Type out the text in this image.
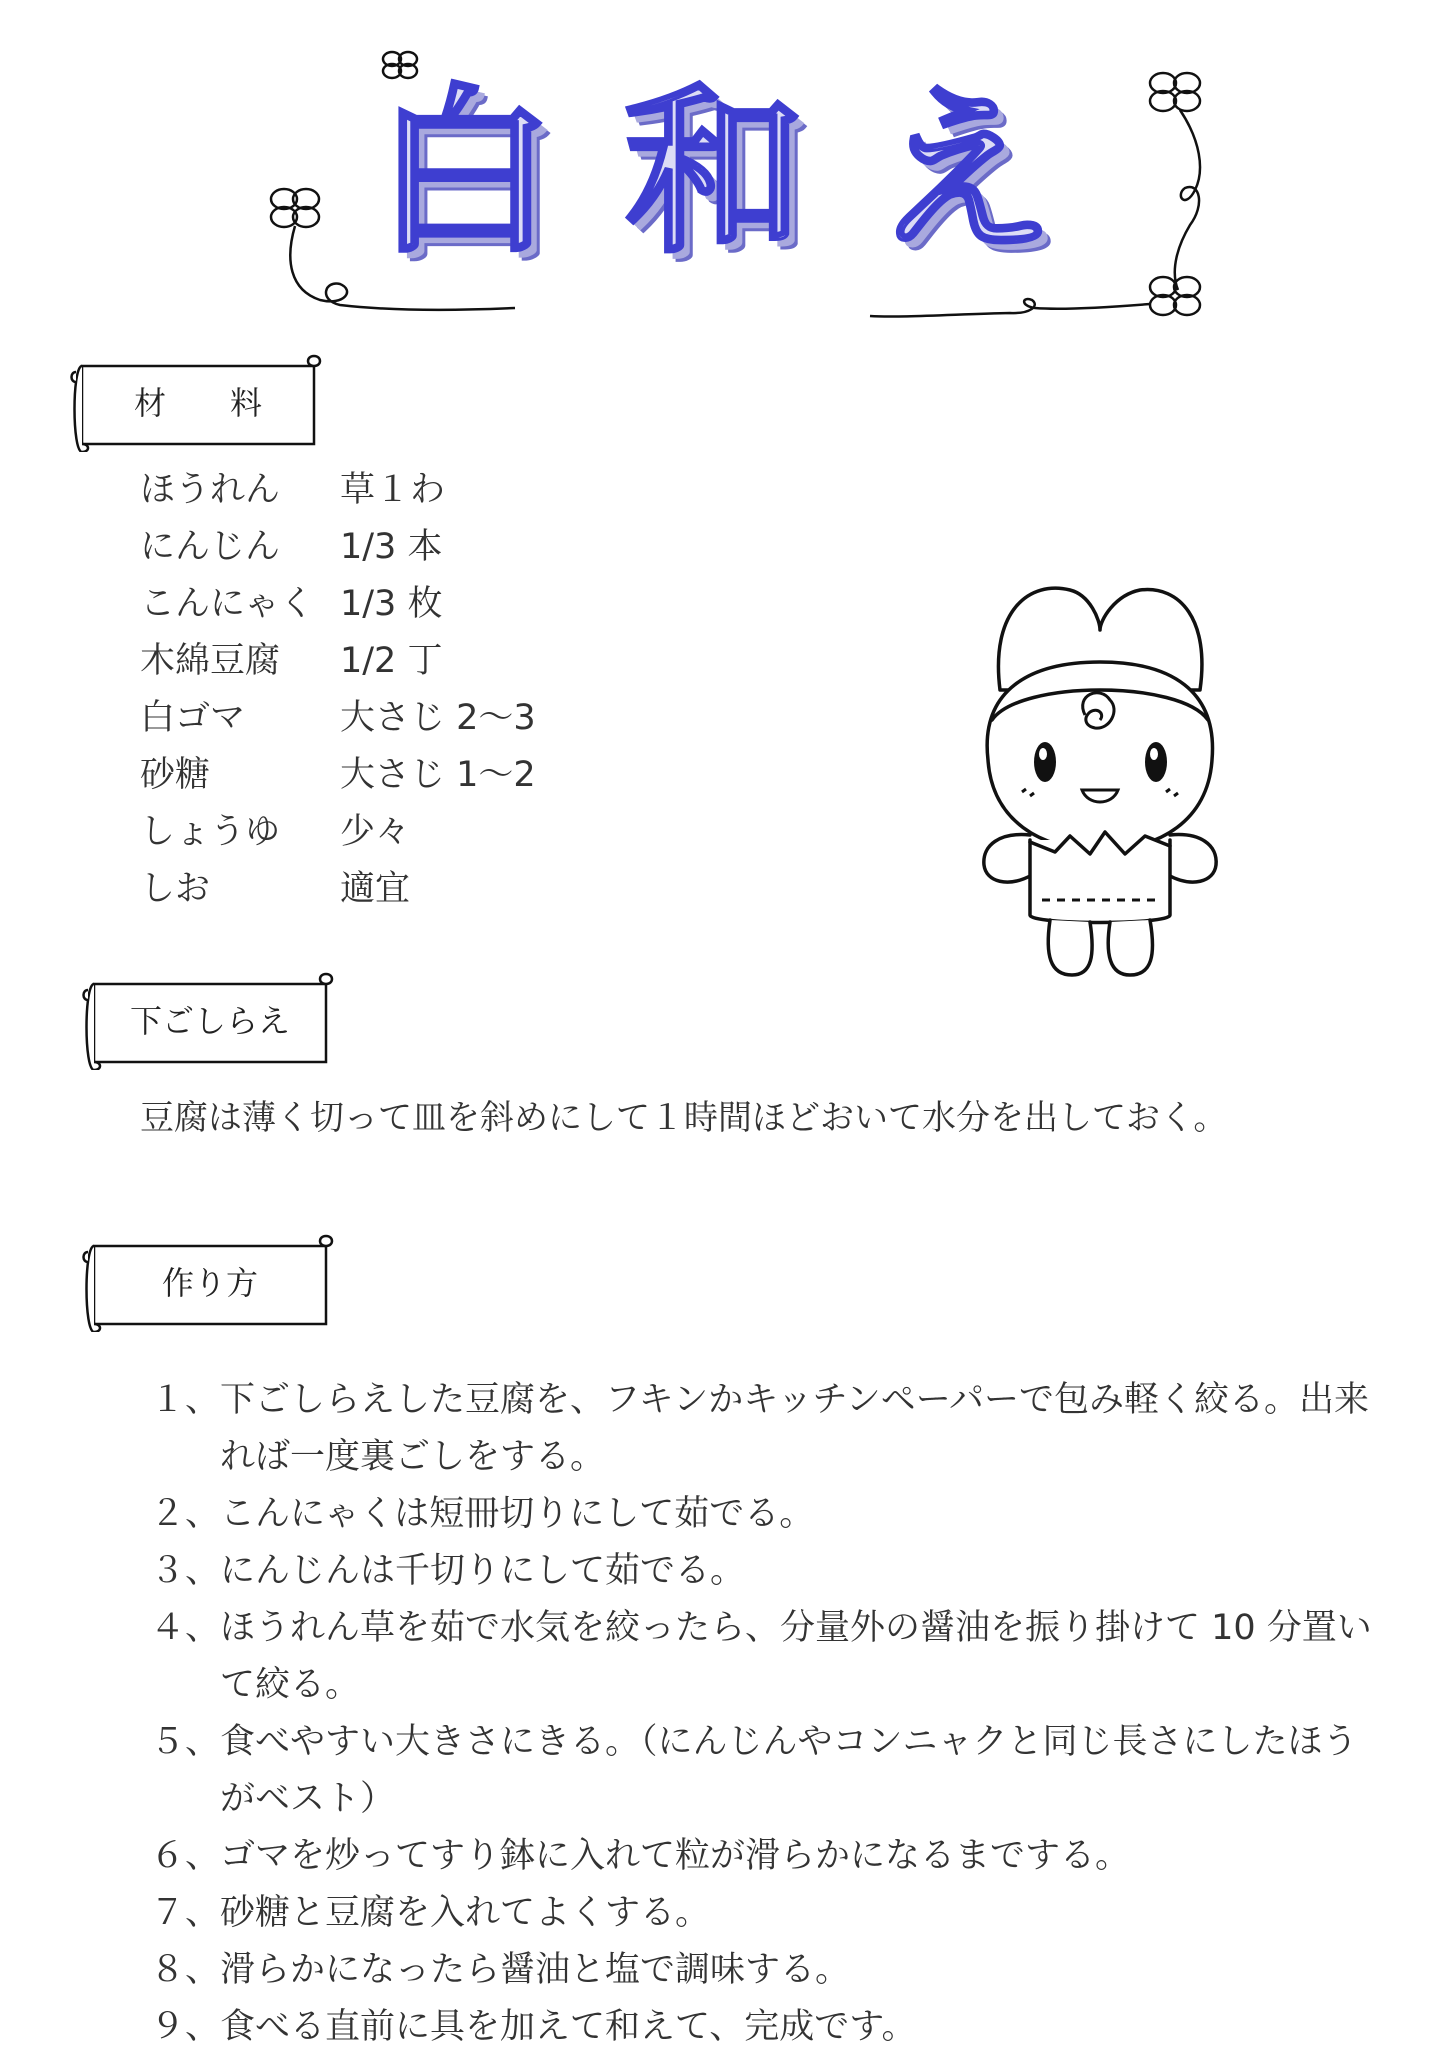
白和え
材　　料
ほうれん	草１わ
にんじん	1/3 本
こんにゃく 1/3 枚
木綿豆腐	1/2 丁
白ゴマ	大さじ 2～3
砂糖	大さじ 1～2
しょうゆ	少々
しお	適宜
下ごしらえ
豆腐は薄く切って皿を斜めにして１時間ほどおいて水分を出しておく。
作り方
１、 下ごしらえした豆腐を、フキンかキッチンペーパーで包み軽く絞る。出来れば一度裏ごしをする。
２、 こんにゃくは短冊切りにして茹でる。
３、 にんじんは千切りにして茹でる。
４、 ほうれん草を茹で水気を絞ったら、分量外の醤油を振り掛けて 10 分置いて絞る。
５、 食べやすい大きさにきる。（にんじんやコンニャクと同じ長さにしたほうがベスト）
６、 ゴマを炒ってすり鉢に入れて粒が滑らかになるまでする。
７、 砂糖と豆腐を入れてよくする。
８、 滑らかになったら醤油と塩で調味する。
９、 食べる直前に具を加えて和えて、完成です。
